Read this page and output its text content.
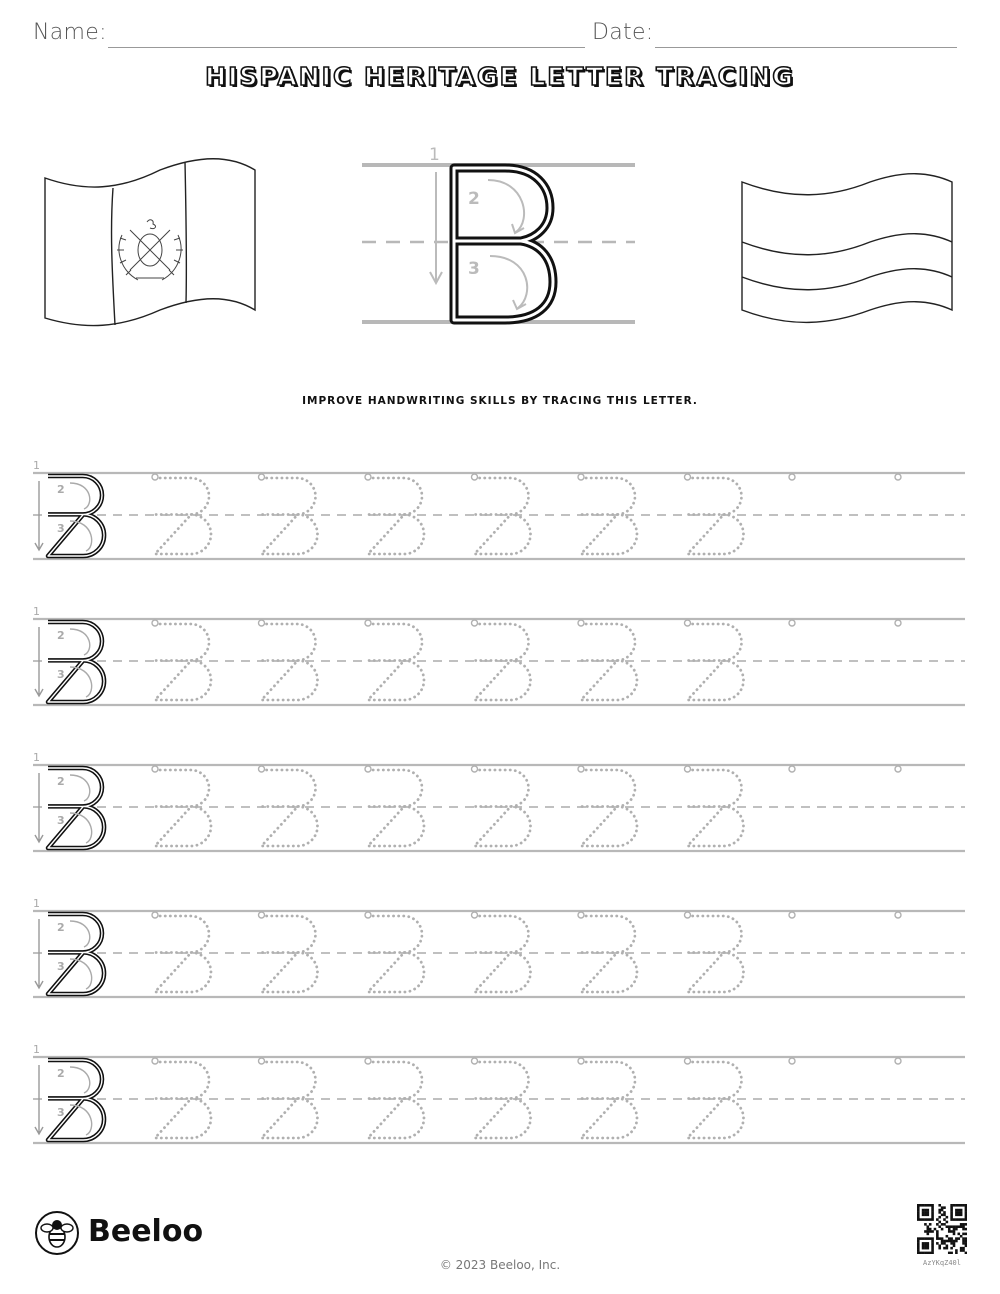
Name:	Date:
HISPANIC HERITAGE LETTER TRACING
1
2
3
IMPROVE HANDWRITING SKILLS BY TRACING THIS LETTER.
1
2
3
1
2
3
1
2
3
1
2
3
1
2
3
Beeloo
© 2023 Beeloo, Inc.	AzYKqZ40l
